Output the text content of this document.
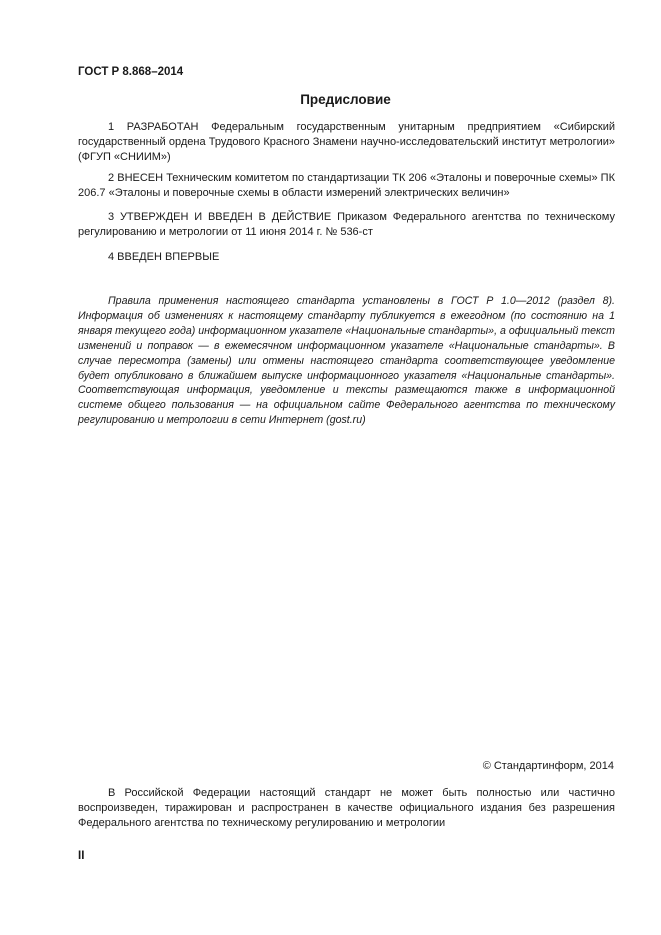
ГОСТ Р 8.868–2014
Предисловие
1 РАЗРАБОТАН Федеральным государственным унитарным предприятием «Сибирский государственный ордена Трудового Красного Знамени научно-исследовательский институт метрологии» (ФГУП «СНИИМ»)
2 ВНЕСЕН Техническим комитетом по стандартизации ТК 206 «Эталоны и поверочные схемы» ПК 206.7 «Эталоны и поверочные схемы в области измерений электрических величин»
3 УТВЕРЖДЕН И ВВЕДЕН В ДЕЙСТВИЕ Приказом Федерального агентства по техническому регулированию и метрологии от 11 июня 2014 г. № 536-ст
4 ВВЕДЕН ВПЕРВЫЕ
Правила применения настоящего стандарта установлены в ГОСТ Р 1.0—2012 (раздел 8). Информация об изменениях к настоящему стандарту публикуется в ежегодном (по состоянию на 1 января текущего года) информационном указателе «Национальные стандарты», а официальный текст изменений и поправок — в ежемесячном информационном указателе «Национальные стандарты». В случае пересмотра (замены) или отмены настоящего стандарта соответствующее уведомление будет опубликовано в ближайшем выпуске информационного указателя «Национальные стандарты». Соответствующая информация, уведомление и тексты размещаются также в информационной системе общего пользования — на официальном сайте Федерального агентства по техническому регулированию и метрологии в сети Интернет (gost.ru)
© Стандартинформ, 2014
В Российской Федерации настоящий стандарт не может быть полностью или частично воспроизведен, тиражирован и распространен в качестве официального издания без разрешения Федерального агентства по техническому регулированию и метрологии
II
